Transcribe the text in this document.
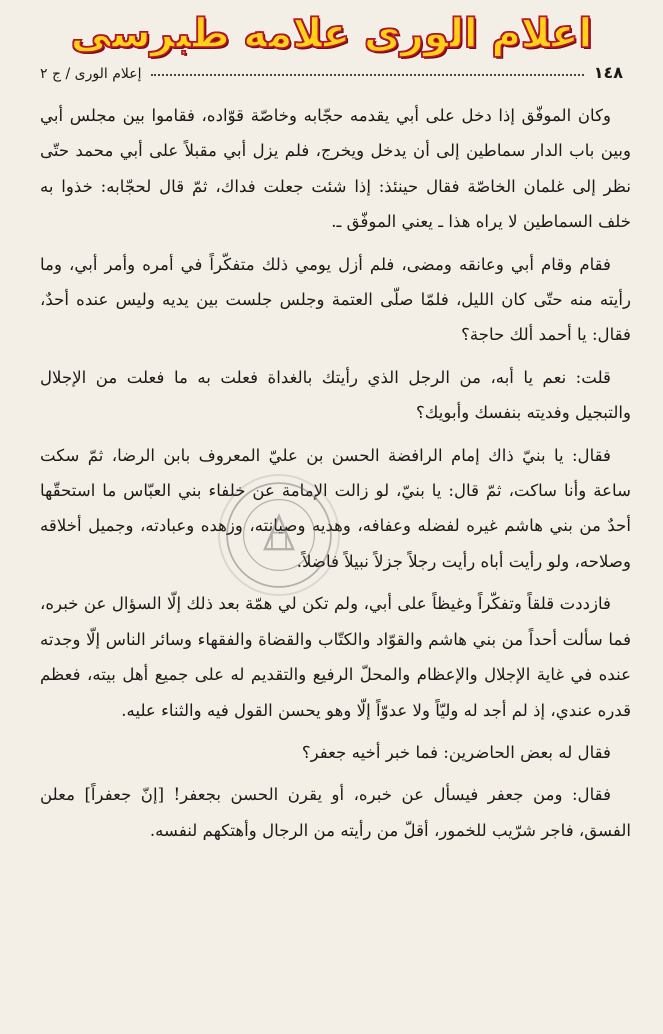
اعلام الورى علامه طبرسى
١٤٨
إعلام الورى / ج ٢

وكان الموفّق إذا دخل على أبي يقدمه حجّابه وخاصّة قوّاده، فقاموا بين مجلس أبي وبين باب الدار سماطين إلى أن يدخل ويخرج، فلم يزل أبي مقبلاً على أبي محمد حتّى نظر إلى غلمان الخاصّة فقال حينئذ: إذا شئت جعلت فداك، ثمّ قال لحجّابه: خذوا به خلف السماطين لا يراه هذا ـ يعني الموفّق ـ.

فقام وقام أبي وعانقه ومضى، فلم أزل يومي ذلك متفكّراً في أمره وأمر أبي، وما رأيته منه حتّى كان الليل، فلمّا صلّى العتمة وجلس جلست بين يديه وليس عنده أحدٌ، فقال: يا أحمد ألك حاجة؟

قلت: نعم يا أبه، من الرجل الذي رأيتك بالغداة فعلت به ما فعلت من الإجلال والتبجيل وفديته بنفسك وأبويك؟

فقال: يا بنيّ ذاك إمام الرافضة الحسن بن عليّ المعروف بابن الرضا، ثمّ سكت ساعة وأنا ساكت، ثمّ قال: يا بنيّ، لو زالت الإمامة عن خلفاء بني العبّاس ما استحقّها أحدٌ من بني هاشم غيره لفضله وعفافه، وهديه وصيانته، وزهده وعبادته، وجميل أخلاقه وصلاحه، ولو رأيت أباه رأيت رجلاً جزلاً نبيلاً فاضلاً.

فازددت قلقاً وتفكّراً وغيظاً على أبي، ولم تكن لي همّة بعد ذلك إلّا السؤال عن خبره، فما سألت أحداً من بني هاشم والقوّاد والكتّاب والقضاة والفقهاء وسائر الناس إلّا وجدته عنده في غاية الإجلال والإعظام والمحلّ الرفيع والتقديم له على جميع أهل بيته، فعظم قدره عندي، إذ لم أجد له وليّاً ولا عدوّاً إلّا وهو يحسن القول فيه والثناء عليه.

فقال له بعض الحاضرين: فما خبر أخيه جعفر؟

فقال: ومن جعفر فيسأل عن خبره، أو يقرن الحسن بجعفر! [إنّ جعفراً] معلن الفسق، فاجر شرّيب للخمور، أقلّ من رأيته من الرجال وأهتكهم لنفسه.
